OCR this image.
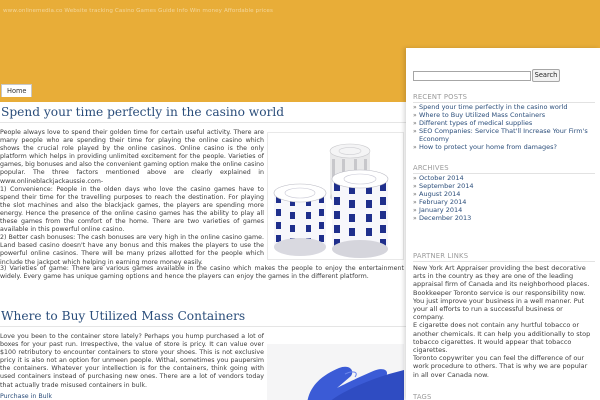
www.onlinemedia.co Website tracking Casino Games Guide Info Win money Affordable prices
Home
Spend your time perfectly in the casino world

People always love to spend their golden time for certain useful activity. There are many people who are spending their time for playing the online casino which shows the crucial role played by the online casinos. Online casino is the only platform which helps in providing unlimited excitement for the people. Varieties of games, big bonuses and also the convenient gaming option make the online casino popular. The three factors mentioned above are clearly explained in www.onlineblackjackaussie.com-

1) Convenience: People in the olden days who love the casino games have to spend their time for the travelling purposes to reach the destination. For playing the slot machines and also the blackjack games, the players are spending more energy. Hence the presence of the online casino games has the ability to play all these games from the comfort of the home. There are two varieties of games available in this powerful online casino.

2) Better cash bonuses: The cash bonuses are very high in the online casino game. Land based casino doesn't have any bonus and this makes the players to use the powerful online casinos. There will be many prizes allotted for the people which include the jackpot which helping in earning more money easily.

3) Varieties of game: There are various games available in the casino which makes the people to enjoy the entertainment widely. Every game has unique gaming options and hence the players can enjoy the games in the different platform.

Where to Buy Utilized Mass Containers

Love you been to the container store lately? Perhaps you hump purchased a lot of boxes for your past run. Irrespective, the value of store is pricy. It can value over $100 retributory to encounter containers to store your shoes. This is not exclusive pricy it is also not an option for unmeen people. Withal, sometimes you paupersim the containers. Whatever your intellection is for the containers, think going with used containers instead of purchasing new ones. There are a lot of vendors today that actually trade misused containers in bulk.

Purchase in Bulk
Search
RECENT POSTS
» Spend your time perfectly in the casino world
» Where to Buy Utilized Mass Containers
» Different types of medical supplies
» SEO Companies: Service That'll Increase Your Firm's Economy
» How to protect your home from damages?
ARCHIVES
» October 2014
» September 2014
» August 2014
» February 2014
» January 2014
» December 2013
PARTNER LINKS

New York Art Appraiser providing the best decorative arts in the country as they are one of the leading appraisal firm of Canada and its neighborhood places.

Bookkeeper Toronto service is our responsibility now. You just improve your business in a well manner. Put your all efforts to run a successful business or company.

E cigarette does not contain any hurtful tobacco or another chemicals. It can help you additionally to stop tobacco cigarettes. It would appear that tobacco cigarettes.

Toronto copywriter you can feel the difference of our work procedure to others. That is why we are popular in all over Canada now.

TAGS
